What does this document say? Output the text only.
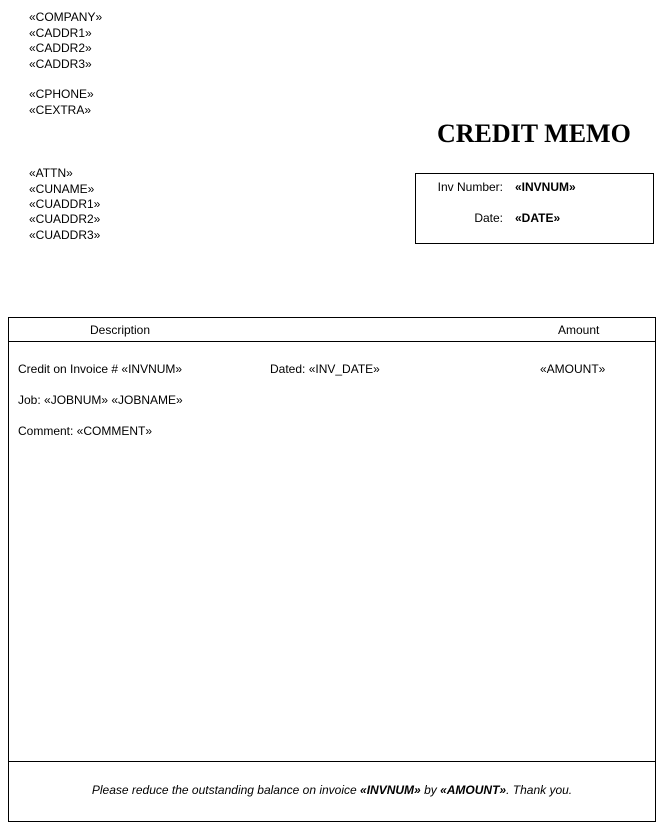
«COMPANY»
«CADDR1»
«CADDR2»
«CADDR3»
«CPHONE»
«CEXTRA»
CREDIT MEMO
«ATTN»
«CUNAME»
«CUADDR1»
«CUADDR2»
«CUADDR3»
Inv Number: «INVNUM»
Date: «DATE»
Description	Amount
Credit on Invoice # «INVNUM»	Dated: «INV_DATE»	«AMOUNT»
Job: «JOBNUM» «JOBNAME»
Comment: «COMMENT»
Please reduce the outstanding balance on invoice «INVNUM» by «AMOUNT». Thank you.
